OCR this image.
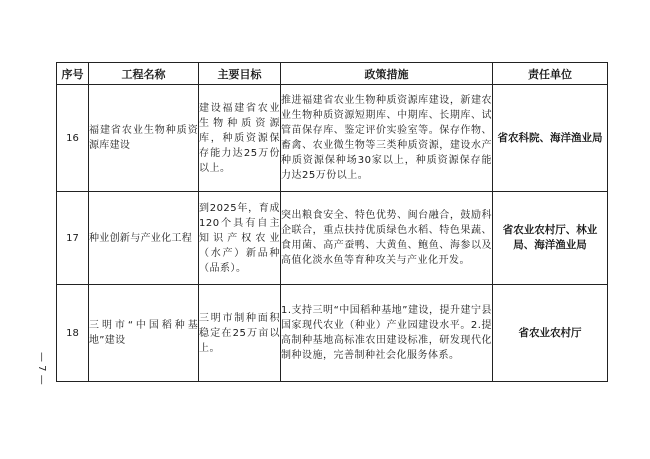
— 7 —
序号	工程名称	主要目标	政策措施	责任单位
16	福建省农业生物种质资源库建设	建设福建省农业生物种质资源库，种质资源保存能力达25万份以上。	推进福建省农业生物种质资源库建设，新建农业生物种质资源短期库、中期库、长期库、试管苗保存库、鉴定评价实验室等。保存作物、畜禽、农业微生物等三类种质资源，建设水产种质资源保种场30家以上，种质资源保存能力达25万份以上。	省农科院、海洋渔业局
17	种业创新与产业化工程	到2025年，育成120个具有自主知识产权农业（水产）新品种（品系）。	突出粮食安全、特色优势、闽台融合，鼓励科企联合，重点扶持优质绿色水稻、特色果蔬、食用菌、高产蚕鸭、大黄鱼、鲍鱼、海参以及高值化淡水鱼等育种攻关与产业化开发。	省农业农村厅、林业局、海洋渔业局
18	三明市“中国稻种基地”建设	三明市制种面积稳定在25万亩以上。	1.支持三明“中国稻种基地”建设，提升建宁县国家现代农业（种业）产业园建设水平。2.提高制种基地高标准农田建设标准，研发现代化制种设施，完善制种社会化服务体系。	省农业农村厅
